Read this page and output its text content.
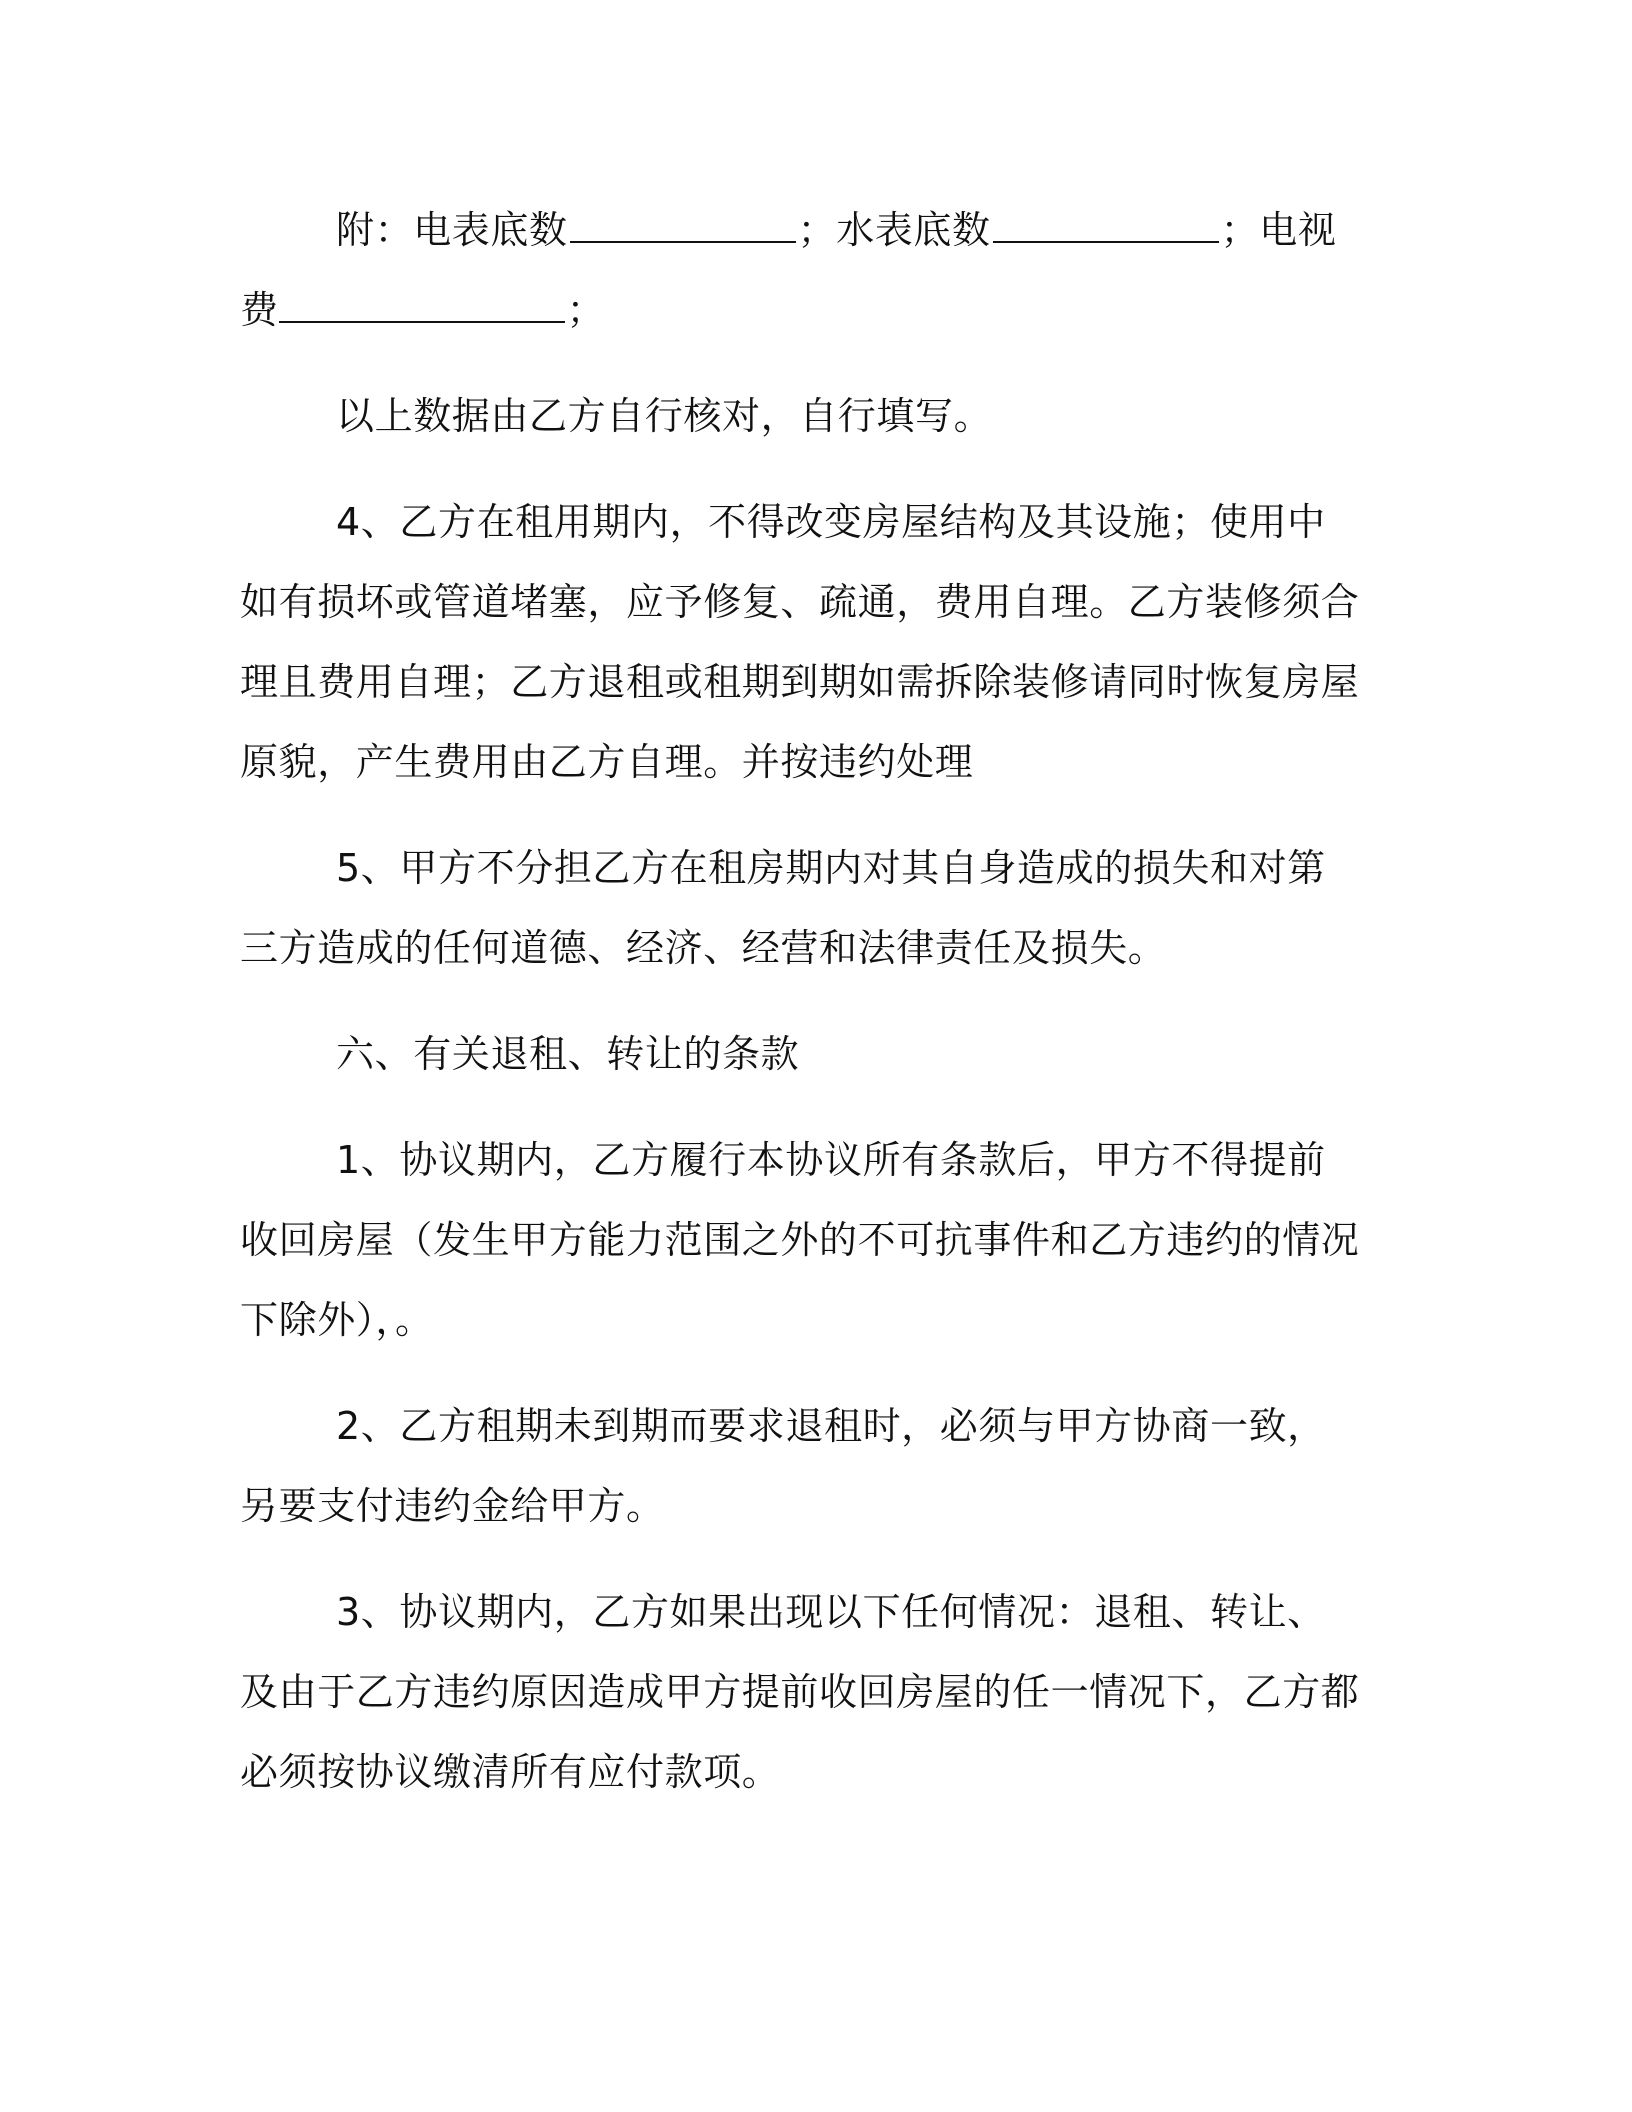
附：电表底数	；水表底数	；电视费	；

以上数据由乙方自行核对，自行填写。

4、乙方在租用期内，不得改变房屋结构及其设施；使用中如有损坏或管道堵塞，应予修复、疏通，费用自理。乙方装修须合理且费用自理；乙方退租或租期到期如需拆除装修请同时恢复房屋原貌，产生费用由乙方自理。并按违约处理

5、甲方不分担乙方在租房期内对其自身造成的损失和对第三方造成的任何道德、经济、经营和法律责任及损失。

六、有关退租、转让的条款

1、协议期内，乙方履行本协议所有条款后，甲方不得提前收回房屋（发生甲方能力范围之外的不可抗事件和乙方违约的情况下除外），。

2、乙方租期未到期而要求退租时，必须与甲方协商一致，另要支付违约金给甲方。

3、协议期内，乙方如果出现以下任何情况：退租、转让、及由于乙方违约原因造成甲方提前收回房屋的任一情况下，乙方都必须按协议缴清所有应付款项。
